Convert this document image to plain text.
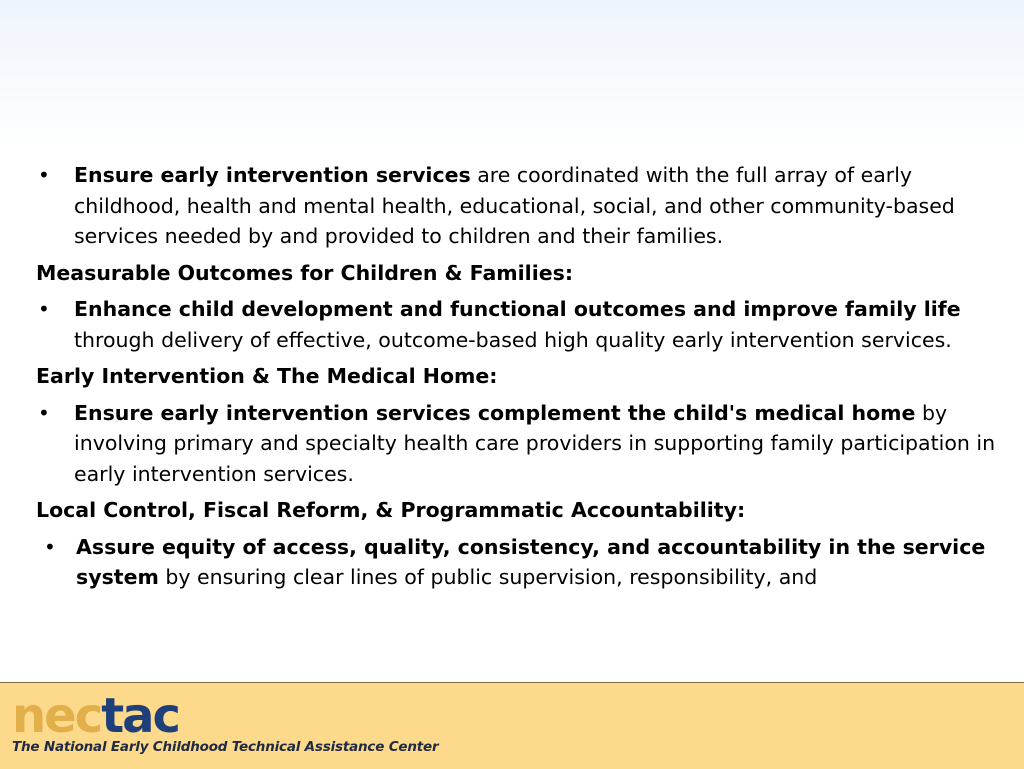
• Ensure early intervention services are coordinated with the full array of early childhood, health and mental health, educational, social, and other community-based services needed by and provided to children and their families.
Measurable Outcomes for Children & Families:
• Enhance child development and functional outcomes and improve family life through delivery of effective, outcome-based high quality early intervention services.
Early Intervention & The Medical Home:
• Ensure early intervention services complement the child's medical home by involving primary and specialty health care providers in supporting family participation in early intervention services.
Local Control, Fiscal Reform, & Programmatic Accountability:
• Assure equity of access, quality, consistency, and accountability in the service system by ensuring clear lines of public supervision, responsibility, and
nectac
The National Early Childhood Technical Assistance Center
